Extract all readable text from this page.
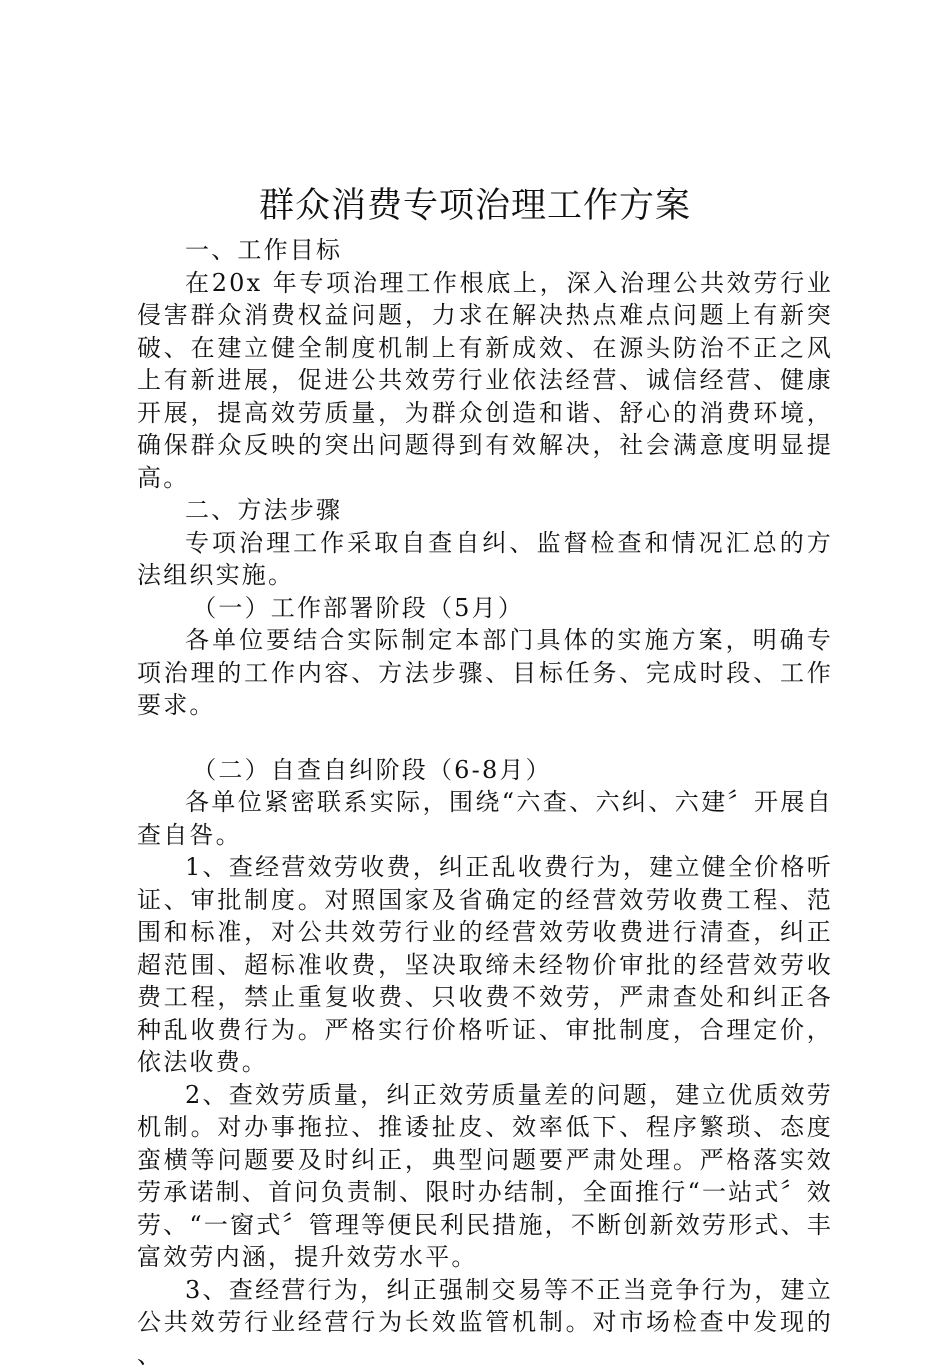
群众消费专项治理工作方案

一、工作目标

在20x 年专项治理工作根底上，深入治理公共效劳行业侵害群众消费权益问题，力求在解决热点难点问题上有新突破、在建立健全制度机制上有新成效、在源头防治不正之风上有新进展，促进公共效劳行业依法经营、诚信经营、健康开展，提高效劳质量，为群众创造和谐、舒心的消费环境，确保群众反映的突出问题得到有效解决，社会满意度明显提高。

二、方法步骤

专项治理工作采取自查自纠、监督检查和情况汇总的方法组织实施。

（一）工作部署阶段（5月）

各单位要结合实际制定本部门具体的实施方案，明确专项治理的工作内容、方法步骤、目标任务、完成时段、工作要求。

（二）自查自纠阶段（6-8月）

各单位紧密联系实际，围绕“六查、六纠、六建〞开展自查自咎。

1、查经营效劳收费，纠正乱收费行为，建立健全价格听证、审批制度。对照国家及省确定的经营效劳收费工程、范围和标准，对公共效劳行业的经营效劳收费进行清查，纠正超范围、超标准收费，坚决取缔未经物价审批的经营效劳收费工程，禁止重复收费、只收费不效劳，严肃查处和纠正各种乱收费行为。严格实行价格听证、审批制度，合理定价，依法收费。

2、查效劳质量，纠正效劳质量差的问题，建立优质效劳机制。对办事拖拉、推诿扯皮、效率低下、程序繁琐、态度蛮横等问题要及时纠正，典型问题要严肃处理。严格落实效劳承诺制、首问负责制、限时办结制，全面推行“一站式〞效劳、“一窗式〞管理等便民利民措施，不断创新效劳形式、丰富效劳内涵，提升效劳水平。

3、查经营行为，纠正强制交易等不正当竞争行为，建立公共效劳行业经营行为长效监管机制。对市场检查中发现的、
